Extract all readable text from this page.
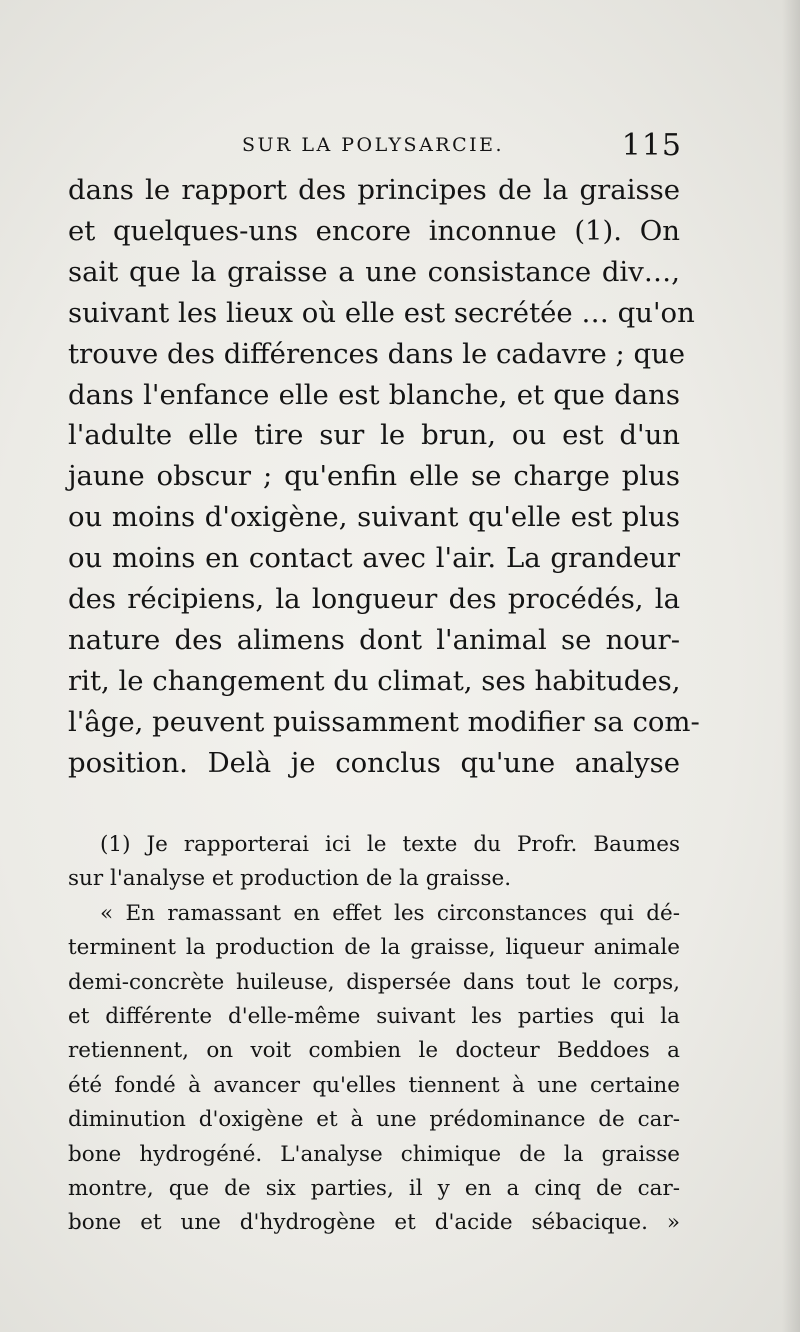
SUR LA POLYSARCIE.	115
dans le rapport des principes de la graisse
et quelques-uns encore inconnue (1). On
sait que la graisse a une consistance div…,
suivant les lieux où elle est secrétée … qu'on
trouve des différences dans le cadavre ; que
dans l'enfance elle est blanche, et que dans
l'adulte elle tire sur le brun, ou est d'un
jaune obscur ; qu'enfin elle se charge plus
ou moins d'oxigène, suivant qu'elle est plus
ou moins en contact avec l'air. La grandeur
des récipiens, la longueur des procédés, la
nature des alimens dont l'animal se nour-
rit, le changement du climat, ses habitudes,
l'âge, peuvent puissamment modifier sa com-
position. Delà je conclus qu'une analyse
(1) Je rapporterai ici le texte du Profr. Baumes
sur l'analyse et production de la graisse.
« En ramassant en effet les circonstances qui dé-
terminent la production de la graisse, liqueur animale
demi-concrète huileuse, dispersée dans tout le corps,
et différente d'elle-même suivant les parties qui la
retiennent, on voit combien le docteur Beddoes a
été fondé à avancer qu'elles tiennent à une certaine
diminution d'oxigène et à une prédominance de car-
bone hydrogéné. L'analyse chimique de la graisse
montre, que de six parties, il y en a cinq de car-
bone et une d'hydrogène et d'acide sébacique. »
